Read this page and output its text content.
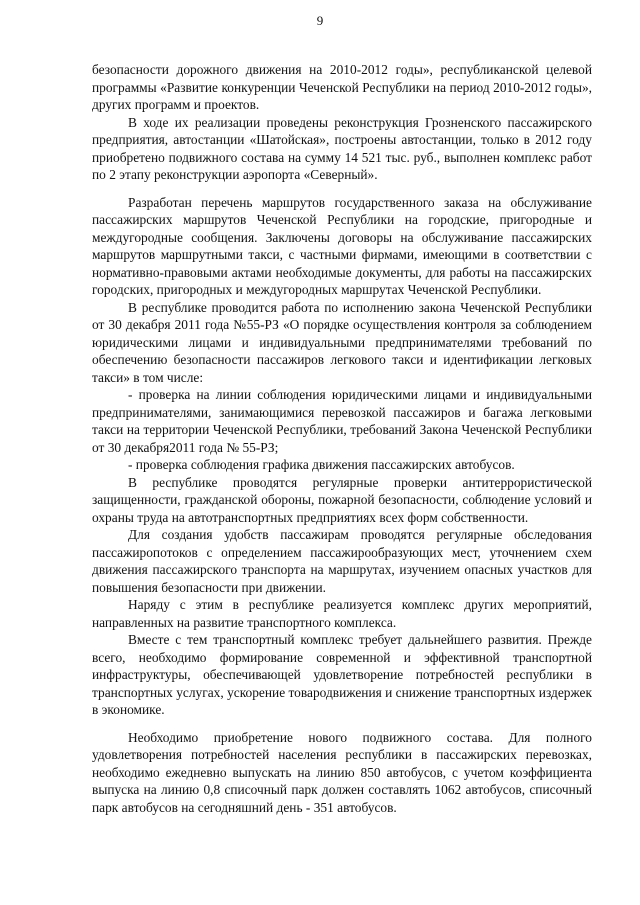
9

безопасности дорожного движения на 2010-2012 годы», республиканской целевой программы «Развитие конкуренции Чеченской Республики на период 2010-2012 годы», других программ и проектов.

В ходе их реализации проведены реконструкция Грозненского пассажирского предприятия, автостанции «Шатойская», построены автостанции, только в 2012 году приобретено подвижного состава на сумму 14 521 тыс. руб., выполнен комплекс работ по 2 этапу реконструкции аэропорта «Северный».

Разработан перечень маршрутов государственного заказа на обслуживание пассажирских маршрутов Чеченской Республики на городские, пригородные и междугородные сообщения. Заключены договоры на обслуживание пассажирских маршрутов маршрутными такси, с частными фирмами, имеющими в соответствии с нормативно-правовыми актами необходимые документы, для работы на пассажирских городских, пригородных и междугородных маршрутах Чеченской Республики.

В республике проводится работа по исполнению закона Чеченской Республики от 30 декабря 2011 года №55-РЗ «О порядке осуществления контроля за соблюдением юридическими лицами и индивидуальными предпринимателями требований по обеспечению безопасности пассажиров легкового такси и идентификации легковых такси» в том числе:

- проверка на линии соблюдения юридическими лицами и индивидуальными предпринимателями, занимающимися перевозкой пассажиров и багажа легковыми такси на территории Чеченской Республики, требований Закона Чеченской Республики от 30 декабря2011 года № 55-РЗ;

- проверка соблюдения графика движения пассажирских автобусов.

В республике проводятся регулярные проверки антитеррористической защищенности, гражданской обороны, пожарной безопасности, соблюдение условий и охраны труда на автотранспортных предприятиях всех форм собственности.

Для создания удобств пассажирам проводятся регулярные обследования пассажиропотоков с определением пассажирообразующих мест, уточнением схем движения пассажирского транспорта на маршрутах, изучением опасных участков для повышения безопасности при движении.

Наряду с этим в республике реализуется комплекс других мероприятий, направленных на развитие транспортного комплекса.

Вместе с тем транспортный комплекс требует дальнейшего развития. Прежде всего, необходимо формирование современной и эффективной транспортной инфраструктуры, обеспечивающей удовлетворение потребностей республики в транспортных услугах, ускорение товародвижения и снижение транспортных издержек в экономике.

Необходимо приобретение нового подвижного состава. Для полного удовлетворения потребностей населения республики в пассажирских перевозках, необходимо ежедневно выпускать на линию 850 автобусов, с учетом коэффициента выпуска на линию 0,8 списочный парк должен составлять 1062 автобусов, списочный парк автобусов на сегодняшний день - 351 автобусов.
